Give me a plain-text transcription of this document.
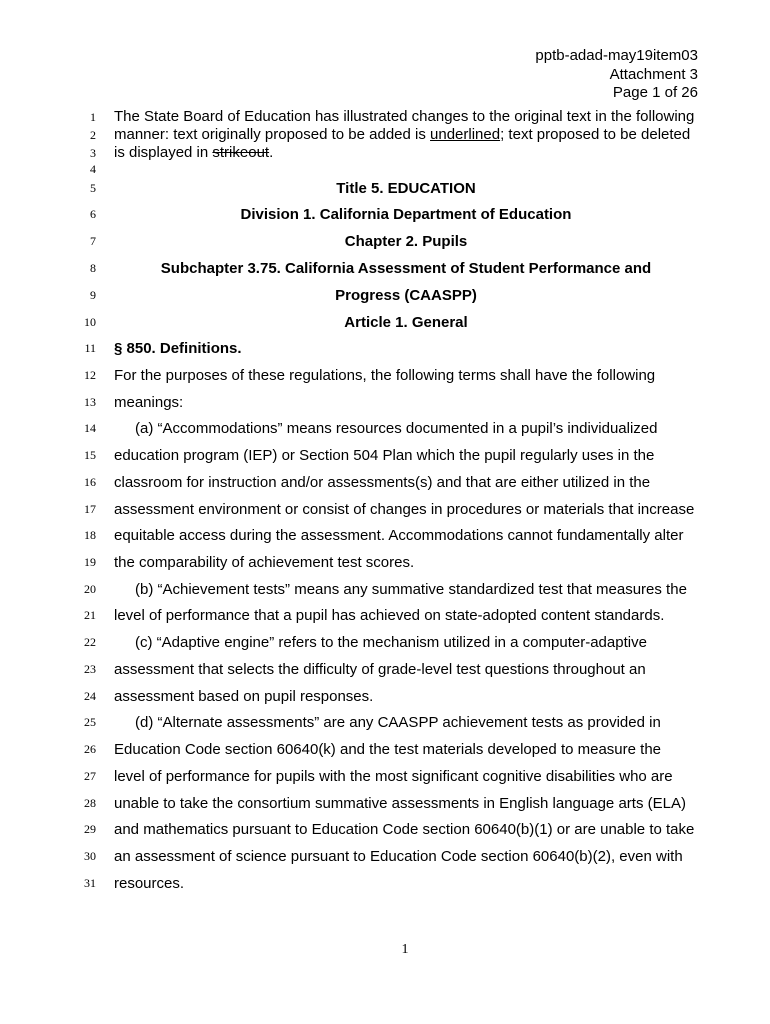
pptb-adad-may19item03
Attachment 3
Page 1 of 26
1 The State Board of Education has illustrated changes to the original text in the following
2 manner: text originally proposed to be added is underlined; text proposed to be deleted
3 is displayed in strikeout.
4
5	Title 5. EDUCATION
6	Division 1. California Department of Education
7	Chapter 2. Pupils
8	Subchapter 3.75. California Assessment of Student Performance and
9	Progress (CAASPP)
10	Article 1. General
11 § 850. Definitions.
12 For the purposes of these regulations, the following terms shall have the following
13 meanings:
14	(a) “Accommodations” means resources documented in a pupil’s individualized
15 education program (IEP) or Section 504 Plan which the pupil regularly uses in the
16 classroom for instruction and/or assessments(s) and that are either utilized in the
17 assessment environment or consist of changes in procedures or materials that increase
18 equitable access during the assessment. Accommodations cannot fundamentally alter
19 the comparability of achievement test scores.
20	(b) “Achievement tests” means any summative standardized test that measures the
21 level of performance that a pupil has achieved on state-adopted content standards.
22	(c) “Adaptive engine” refers to the mechanism utilized in a computer-adaptive
23 assessment that selects the difficulty of grade-level test questions throughout an
24 assessment based on pupil responses.
25	(d) “Alternate assessments” are any CAASPP achievement tests as provided in
26 Education Code section 60640(k) and the test materials developed to measure the
27 level of performance for pupils with the most significant cognitive disabilities who are
28 unable to take the consortium summative assessments in English language arts (ELA)
29 and mathematics pursuant to Education Code section 60640(b)(1) or are unable to take
30 an assessment of science pursuant to Education Code section 60640(b)(2), even with
31 resources.
1
